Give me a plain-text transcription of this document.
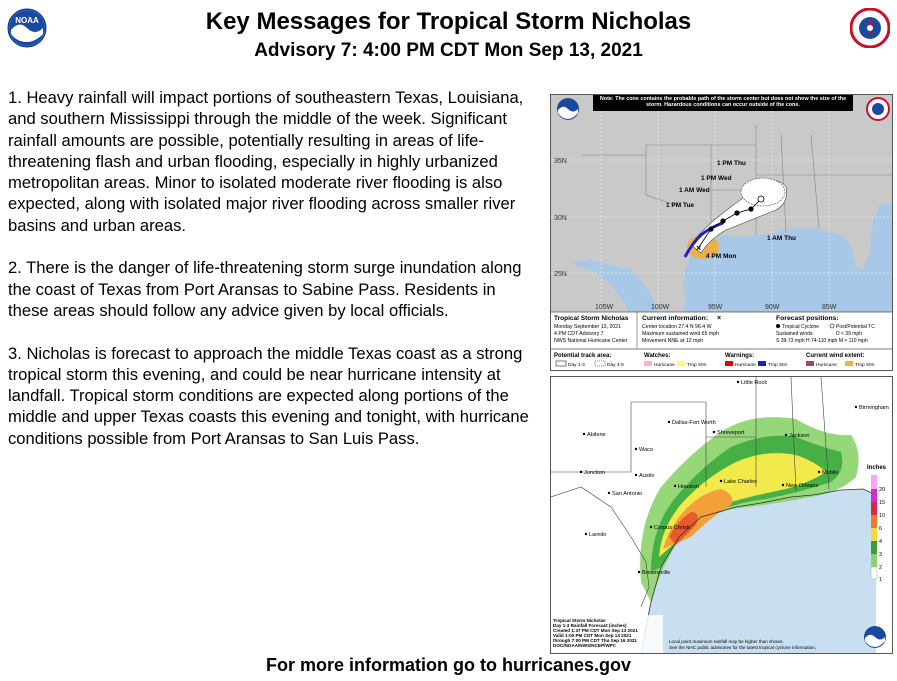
NOAA	Key Messages for Tropical Storm Nicholas
Advisory 7: 4:00 PM CDT Mon Sep 13, 2021

1. Heavy rainfall will impact portions of southeastern Texas, Louisiana, and southern Mississippi through the middle of the week. Significant rainfall amounts are possible, potentially resulting in areas of life-threatening flash and urban flooding, especially in highly urbanized metropolitan areas. Minor to isolated moderate river flooding is also expected, along with isolated major river flooding across smaller river basins and urban areas.

2. There is the danger of life-threatening storm surge inundation along the coast of Texas from Port Aransas to Sabine Pass. Residents in these areas should follow any advice given by local officials.

3. Nicholas is forecast to approach the middle Texas coast as a strong tropical storm this evening, and could be near hurricane intensity at landfall. Tropical storm conditions are expected along portions of the middle and upper Texas coasts this evening and tonight, with hurricane conditions possible from Port Aransas to San Luis Pass.

35N
30N
25N
105W	100W	95W	90W	85W
×
1 PM Thu
1 PM Wed
1 AM Wed
1 PM Tue
1 AM Thu
4 PM Mon
Note: The cone contains the probable path of the storm center but does not show the size of the storm. Hazardous conditions can occur outside of the cone.
Tropical Storm Nicholas
Monday September 13, 2021
4 PM CDT Advisory 7
NWS National Hurricane Center
Current information: ×
Center location 27.4 N 96.4 W
Maximum sustained wind 65 mph
Movement NNE at 12 mph
Forecast positions:
Tropical Cyclone	Post/Potential TC
Sustained winds:	D < 39 mph
S 39-73 mph H 74-110 mph M > 110 mph
Potential track area:
Day 1-3	Day 4-5
Watches:
Hurricane	Trop Stm
Warnings:
Hurricane	Trop Stm
Current wind extent:
Hurricane	Trop Stm
Little Rock
Birmingham
Dallas-Fort Worth
Shreveport
Abilene	Jackson
Waco
Junction	Austin
Houston
Lake Charles
Mobile
New Orleans
San Antonio
Laredo
Corpus Christi
Brownsville
Inches
20
15
10
6
4
3
2
1
Tropical Storm Nicholas
Day 1-3 Rainfall Forecast (inches)
Created 1:37 PM CDT Mon Sep 13 2021
Valid 1:00 PM CDT Mon Sep 13 2021
through 7:00 PM CDT Thu Sep 16 2021
DOC/NOAA/NWS/NCEP/WPC
Local point maximum rainfall may be higher than shown.
See the NHC public advisories for the latest tropical cyclone information.
For more information go to hurricanes.gov
